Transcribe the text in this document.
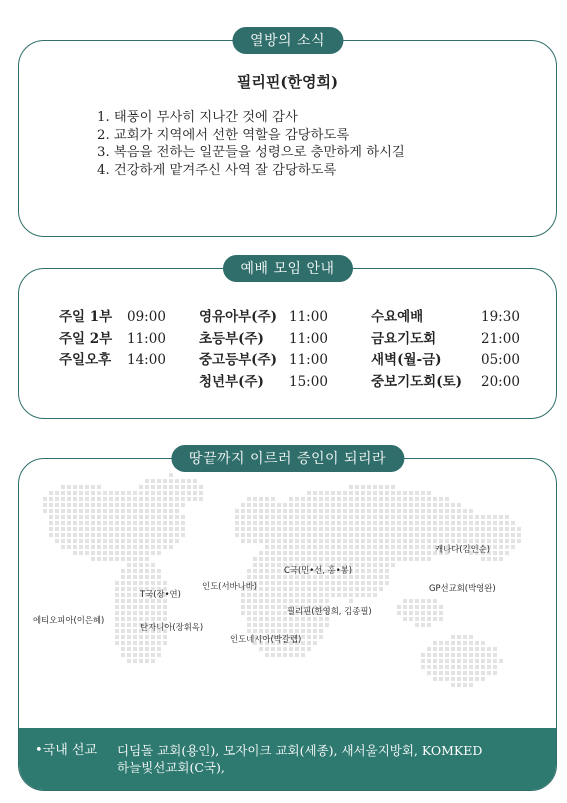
열방의 소식
필리핀(한영희)
1. 태풍이 무사히 지나간 것에 감사
2. 교회가 지역에서 선한 역할을 감당하도록
3. 복음을 전하는 일꾼들을 성령으로 충만하게 하시길
4. 건강하게 맡겨주신 사역 잘 감당하도록
예배 모임 안내
주일 1부 09:00
주일 2부 11:00
주일오후 14:00
영유아부(주) 11:00
초등부(주) 11:00
중고등부(주) 11:00
청년부(주) 15:00
수요예배	19:30
금요기도회	21:00
새벽(월-금)	05:00
중보기도회(토) 20:00
캐나다(김인순)
C국(민•선, 홍•봉)
GP선교회(박영완)
T국(장•연)
인도(서바나바)
필리핀(한영희, 김종필)
에티오피아(이은혜)
탄자니아(장휘옥)
인도네시아(박갈렙)
•국내 선교 디딤돌 교회(용인), 모자이크 교회(세종), 새서울지방회, KOMKED
하늘빛선교회(C국),
땅끝까지 이르러 증인이 되리라
